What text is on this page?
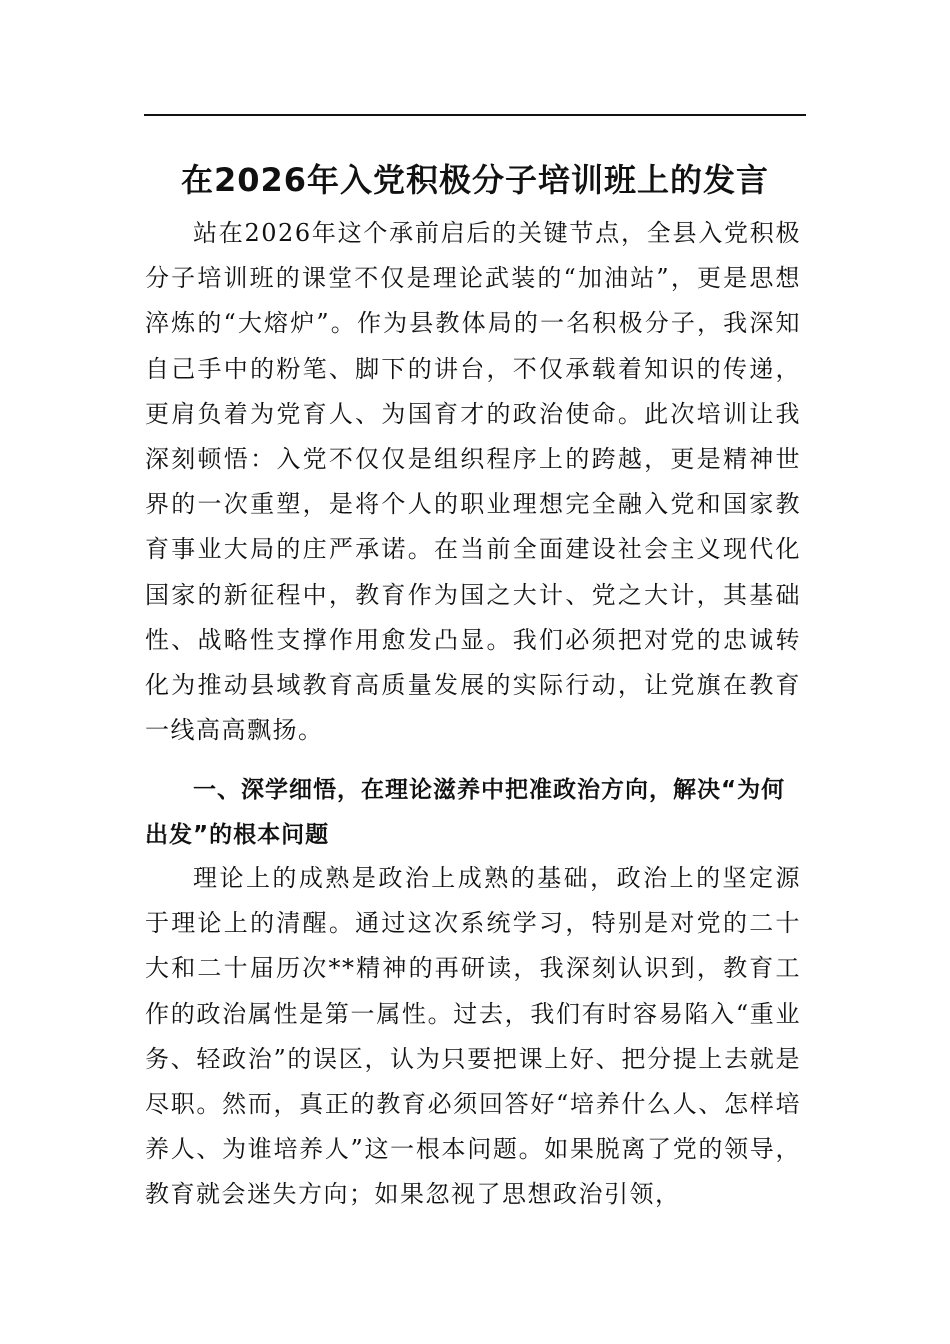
在2026年入党积极分子培训班上的发言

站在2026年这个承前启后的关键节点，全县入党积极分子培训班的课堂不仅是理论武装的“加油站”，更是思想淬炼的“大熔炉”。作为县教体局的一名积极分子，我深知自己手中的粉笔、脚下的讲台，不仅承载着知识的传递，更肩负着为党育人、为国育才的政治使命。此次培训让我深刻顿悟：入党不仅仅是组织程序上的跨越，更是精神世界的一次重塑，是将个人的职业理想完全融入党和国家教育事业大局的庄严承诺。在当前全面建设社会主义现代化国家的新征程中，教育作为国之大计、党之大计，其基础性、战略性支撑作用愈发凸显。我们必须把对党的忠诚转化为推动县域教育高质量发展的实际行动，让党旗在教育一线高高飘扬。

一、深学细悟，在理论滋养中把准政治方向，解决“为何出发”的根本问题

理论上的成熟是政治上成熟的基础，政治上的坚定源于理论上的清醒。通过这次系统学习，特别是对党的二十大和二十届历次**精神的再研读，我深刻认识到，教育工作的政治属性是第一属性。过去，我们有时容易陷入“重业务、轻政治”的误区，认为只要把课上好、把分提上去就是尽职。然而，真正的教育必须回答好“培养什么人、怎样培养人、为谁培养人”这一根本问题。如果脱离了党的领导，教育就会迷失方向；如果忽视了思想政治引领，
